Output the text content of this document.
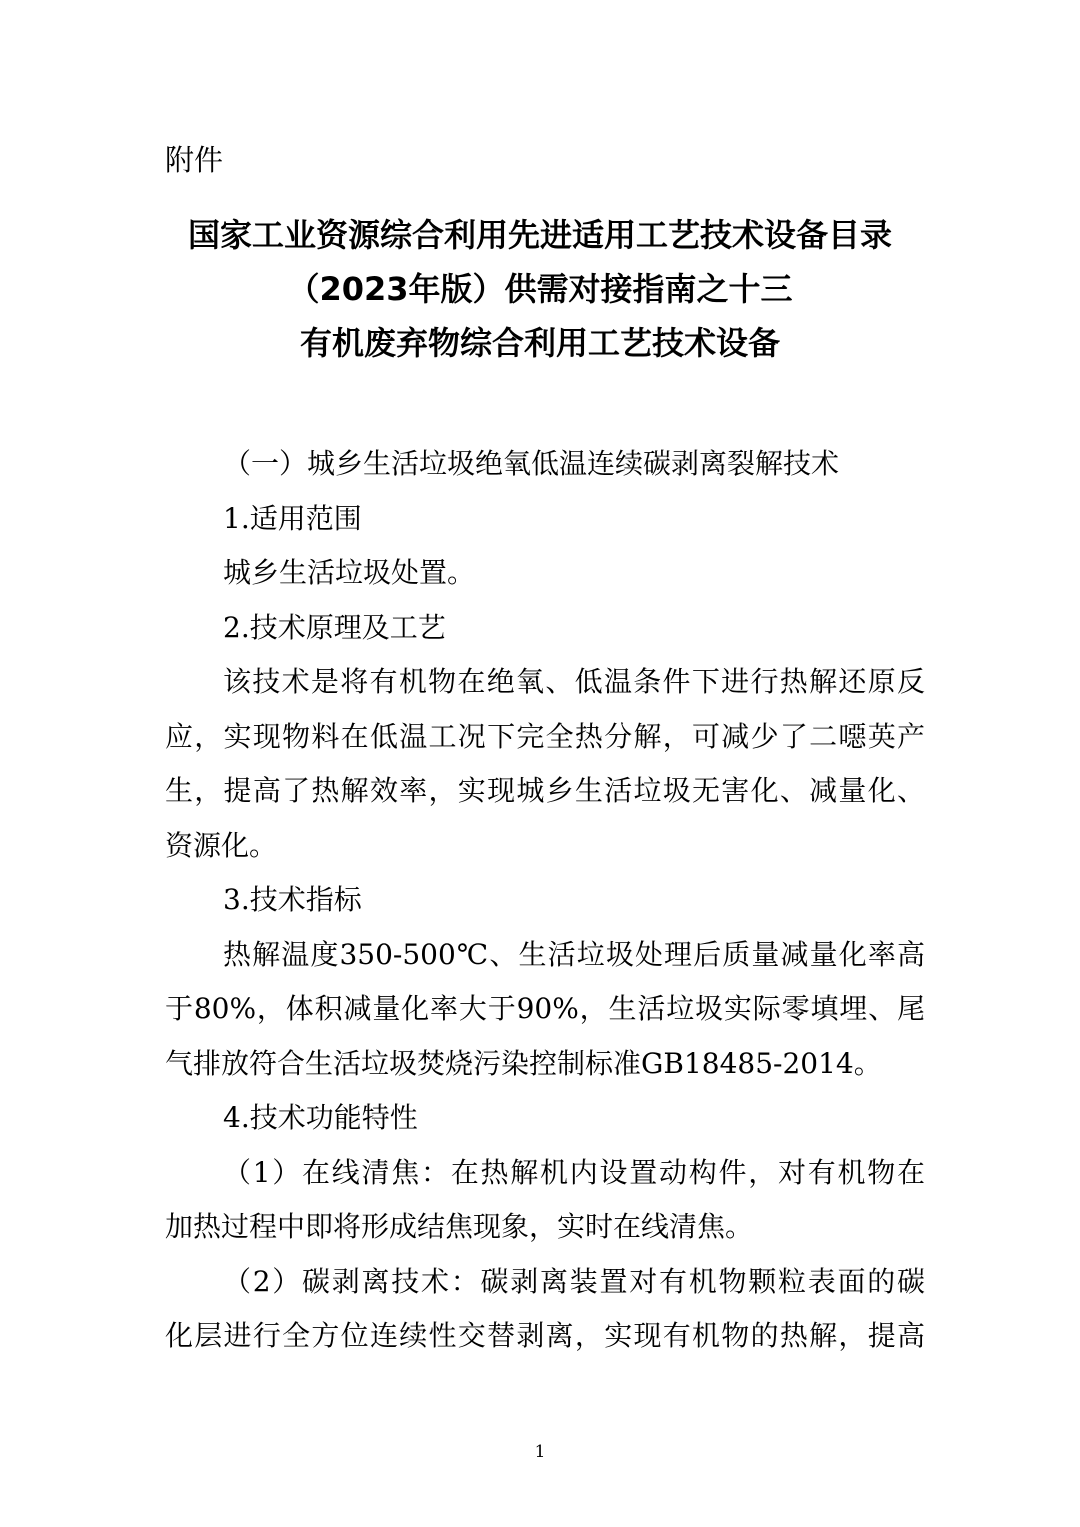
附件
国家工业资源综合利用先进适用工艺技术设备目录
（2023年版）供需对接指南之十三
有机废弃物综合利用工艺技术设备
（一）城乡生活垃圾绝氧低温连续碳剥离裂解技术
1.适用范围
城乡生活垃圾处置。
2.技术原理及工艺
该技术是将有机物在绝氧、低温条件下进行热解还原反
应，实现物料在低温工况下完全热分解，可减少了二噁英产
生，提高了热解效率，实现城乡生活垃圾无害化、减量化、
资源化。
3.技术指标
热解温度350-500℃、生活垃圾处理后质量减量化率高
于80%，体积减量化率大于90%，生活垃圾实际零填埋、尾
气排放符合生活垃圾焚烧污染控制标准GB18485-2014。
4.技术功能特性
（1）在线清焦：在热解机内设置动构件，对有机物在
加热过程中即将形成结焦现象，实时在线清焦。
（2）碳剥离技术：碳剥离装置对有机物颗粒表面的碳
化层进行全方位连续性交替剥离，实现有机物的热解，提高
1
